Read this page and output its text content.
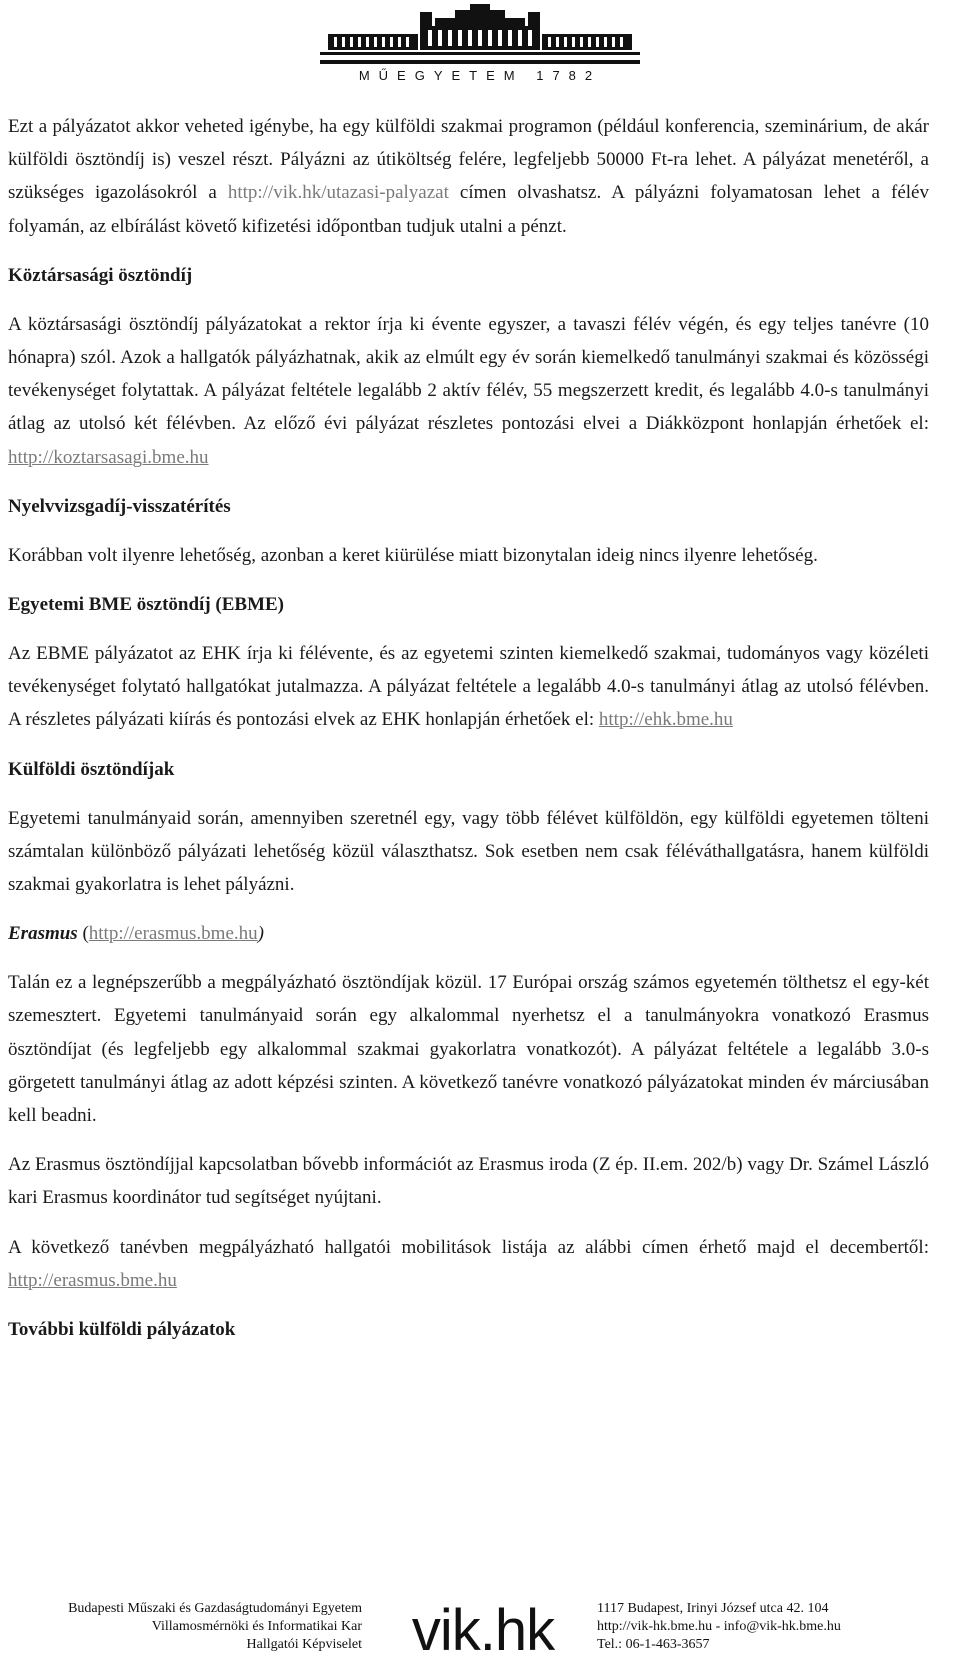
MŰEGYETEM 1782

Ezt a pályázatot akkor veheted igénybe, ha egy külföldi szakmai programon (például konferencia, szeminárium, de akár külföldi ösztöndíj is) veszel részt. Pályázni az útiköltség felére, legfeljebb 50000 Ft-ra lehet. A pályázat menetéről, a szükséges igazolásokról a http://vik.hk/utazasi-palyazat címen olvashatsz. A pályázni folyamatosan lehet a félév folyamán, az elbírálást követő kifizetési időpontban tudjuk utalni a pénzt.

Köztársasági ösztöndíj

A köztársasági ösztöndíj pályázatokat a rektor írja ki évente egyszer, a tavaszi félév végén, és egy teljes tanévre (10 hónapra) szól. Azok a hallgatók pályázhatnak, akik az elmúlt egy év során kiemelkedő tanulmányi szakmai és közösségi tevékenységet folytattak. A pályázat feltétele legalább 2 aktív félév, 55 megszerzett kredit, és legalább 4.0-s tanulmányi átlag az utolsó két félévben. Az előző évi pályázat részletes pontozási elvei a Diákközpont honlapján érhetőek el: http://koztarsasagi.bme.hu

Nyelvvizsgadíj-visszatérítés

Korábban volt ilyenre lehetőség, azonban a keret kiürülése miatt bizonytalan ideig nincs ilyenre lehetőség.

Egyetemi BME ösztöndíj (EBME)

Az EBME pályázatot az EHK írja ki félévente, és az egyetemi szinten kiemelkedő szakmai, tudományos vagy közéleti tevékenységet folytató hallgatókat jutalmazza. A pályázat feltétele a legalább 4.0-s tanulmányi átlag az utolsó félévben. A részletes pályázati kiírás és pontozási elvek az EHK honlapján érhetőek el: http://ehk.bme.hu

Külföldi ösztöndíjak

Egyetemi tanulmányaid során, amennyiben szeretnél egy, vagy több félévet külföldön, egy külföldi egyetemen tölteni számtalan különböző pályázati lehetőség közül választhatsz. Sok esetben nem csak féléváthallgatásra, hanem külföldi szakmai gyakorlatra is lehet pályázni.

Erasmus (http://erasmus.bme.hu)

Talán ez a legnépszerűbb a megpályázható ösztöndíjak közül. 17 Európai ország számos egyetemén tölthetsz el egy-két szemesztert. Egyetemi tanulmányaid során egy alkalommal nyerhetsz el a tanulmányokra vonatkozó Erasmus ösztöndíjat (és legfeljebb egy alkalommal szakmai gyakorlatra vonatkozót). A pályázat feltétele a legalább 3.0-s görgetett tanulmányi átlag az adott képzési szinten. A következő tanévre vonatkozó pályázatokat minden év márciusában kell beadni.

Az Erasmus ösztöndíjjal kapcsolatban bővebb információt az Erasmus iroda (Z ép. II.em. 202/b) vagy Dr. Számel László kari Erasmus koordinátor tud segítséget nyújtani.

A következő tanévben megpályázható hallgatói mobilitások listája az alábbi címen érhető majd el decembertől: http://erasmus.bme.hu

További külföldi pályázatok
Budapesti Műszaki és Gazdaságtudományi Egyetem
Villamosmérnöki és Informatikai Kar
Hallgatói Képviselet vik.hk	1117 Budapest, Irinyi József utca 42. 104
http://vik-hk.bme.hu - info@vik-hk.bme.hu
Tel.: 06-1-463-3657
